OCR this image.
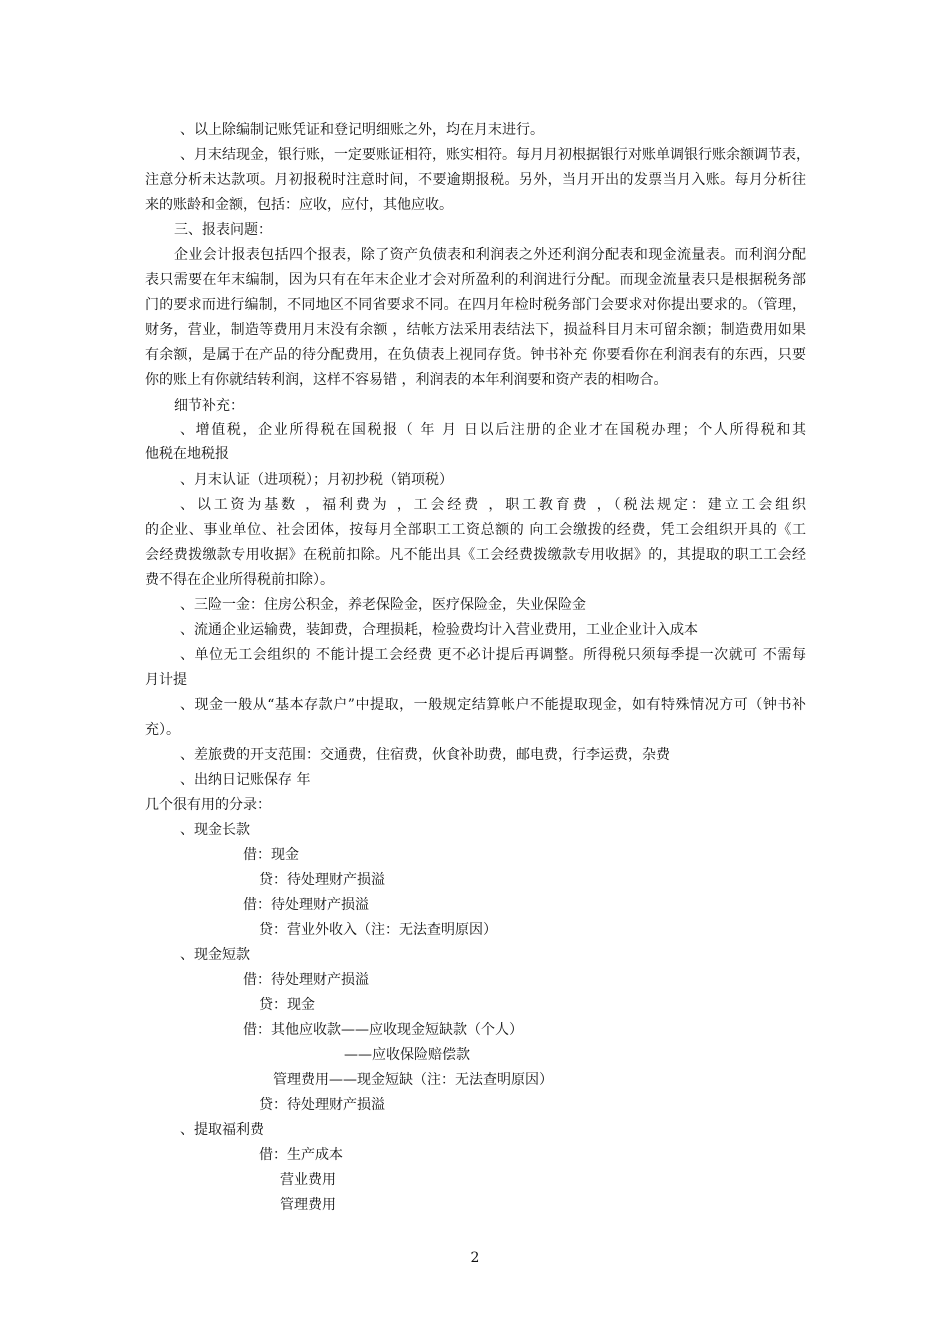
、以上除编制记账凭证和登记明细账之外，均在月末进行。
、月末结现金，银行账，一定要账证相符，账实相符。每月月初根据银行对账单调银行账余额调节表，
注意分析未达款项。月初报税时注意时间，不要逾期报税。另外，当月开出的发票当月入账。每月分析往
来的账龄和金额，包括：应收，应付，其他应收。
三、报表问题：
企业会计报表包括四个报表，除了资产负债表和利润表之外还利润分配表和现金流量表。而利润分配
表只需要在年末编制，因为只有在年末企业才会对所盈利的利润进行分配。而现金流量表只是根据税务部
门的要求而进行编制，不同地区不同省要求不同。在四月年检时税务部门会要求对你提出要求的。（管理，
财务，营业，制造等费用月末没有余额 ，结帐方法采用表结法下，损益科目月末可留余额；制造费用如果
有余额，是属于在产品的待分配费用，在负债表上视同存货。钟书补充 你要看你在利润表有的东西，只要
你的账上有你就结转利润，这样不容易错 ，利润表的本年利润要和资产表的相吻合。
细节补充：
、增值税，企业所得税在国税报（ 年 月 日以后注册的企业才在国税办理；个人所得税和其
他税在地税报
、月末认证（进项税）；月初抄税（销项税）
、以工资为基数 ，福利费为 ，工会经费 ，职工教育费 ，（税法规定：建立工会组织
的企业、事业单位、社会团体，按每月全部职工工资总额的 向工会缴拨的经费，凭工会组织开具的《工
会经费拨缴款专用收据》在税前扣除。凡不能出具《工会经费拨缴款专用收据》的，其提取的职工工会经
费不得在企业所得税前扣除）。
、三险一金：住房公积金，养老保险金，医疗保险金，失业保险金
、流通企业运输费，装卸费，合理损耗，检验费均计入营业费用，工业企业计入成本
、单位无工会组织的 不能计提工会经费 更不必计提后再调整。所得税只须每季提一次就可 不需每
月计提
、现金一般从“基本存款户”中提取，一般规定结算帐户不能提取现金，如有特殊情况方可（钟书补
充）。
、差旅费的开支范围：交通费，住宿费，伙食补助费，邮电费，行李运费，杂费
、出纳日记账保存 年
几个很有用的分录：
、现金长款
借：现金
贷：待处理财产损溢
借：待处理财产损溢
贷：营业外收入（注：无法查明原因）
、现金短款
借：待处理财产损溢
贷：现金
借：其他应收款——应收现金短缺款（个人）
——应收保险赔偿款
管理费用——现金短缺（注：无法查明原因）
贷：待处理财产损溢
、提取福利费
借：生产成本
营业费用
管理费用
2
